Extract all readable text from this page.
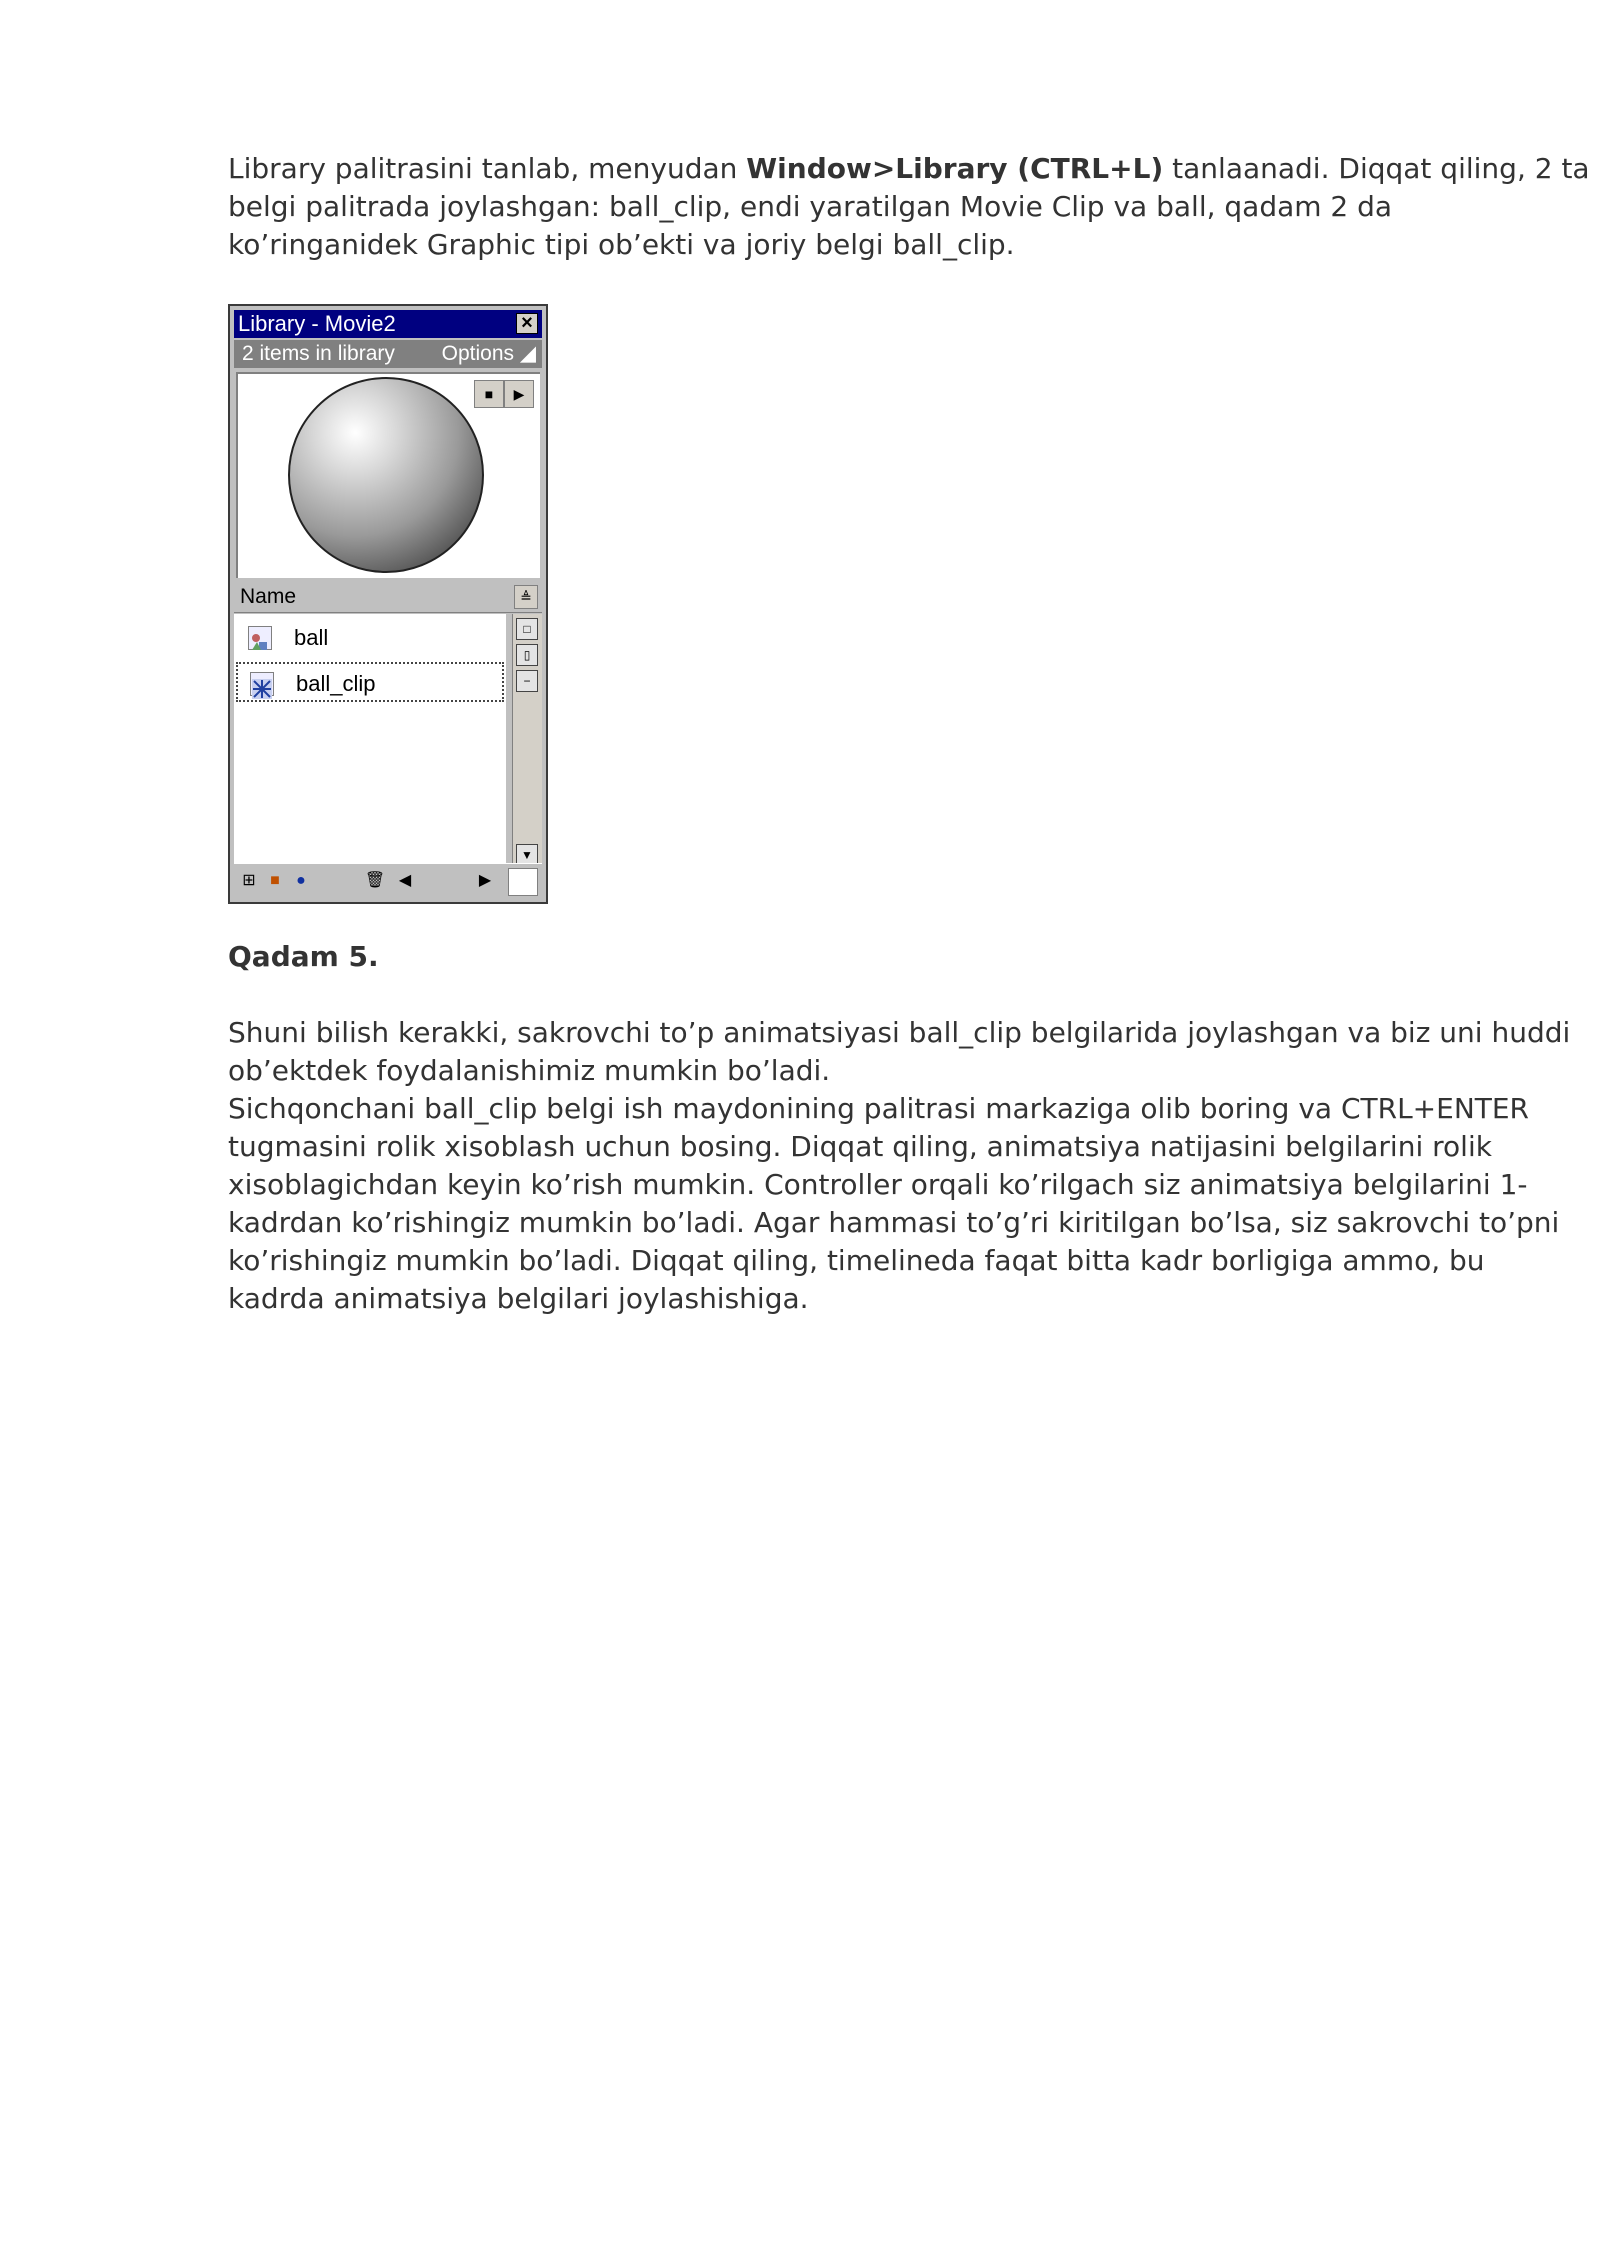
Library palitrasini tanlab, menyudan Window>Library (CTRL+L) tanlaanadi. Diqqat qiling, 2 ta
belgi palitrada joylashgan: ball_clip, endi yaratilgan Movie Clip va ball, qadam 2 da
ko’ringanidek Graphic tipi ob’ekti va joriy belgi ball_clip.

Library - Movie2	×
2 items in library Options ◢
■	▶
Name	≜
ball
ball_clip
□
▯
−
▼
⊞ ■	●	🗑 ◀	▶
Qadam 5.
Shuni bilish kerakki, sakrovchi to’p animatsiyasi ball_clip belgilarida joylashgan va biz uni huddi
ob’ektdek foydalanishimiz mumkin bo’ladi.
Sichqonchani ball_clip belgi ish maydonining palitrasi markaziga olib boring va CTRL+ENTER
tugmasini rolik xisoblash uchun bosing. Diqqat qiling, animatsiya natijasini belgilarini rolik
xisoblagichdan keyin ko’rish mumkin. Controller orqali ko’rilgach siz animatsiya belgilarini 1-
kadrdan ko’rishingiz mumkin bo’ladi. Agar hammasi to’g’ri kiritilgan bo’lsa, siz sakrovchi to’pni
ko’rishingiz mumkin bo’ladi. Diqqat qiling, timelineda faqat bitta kadr borligiga ammo, bu
kadrda animatsiya belgilari joylashishiga.
